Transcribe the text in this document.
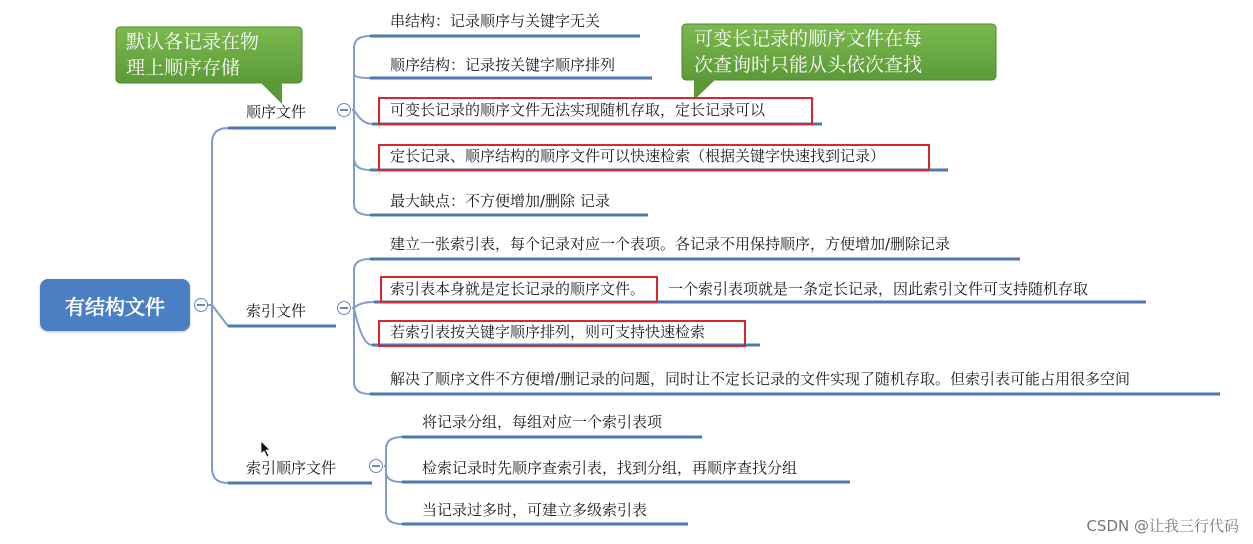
有结构文件
顺序文件
索引文件
索引顺序文件
串结构：记录顺序与关键字无关
顺序结构：记录按关键字顺序排列
可变长记录的顺序文件无法实现随机存取，定长记录可以
定长记录、顺序结构的顺序文件可以快速检索（根据关键字快速找到记录）
最大缺点：不方便增加/删除 记录
建立一张索引表，每个记录对应一个表项。各记录不用保持顺序，方便增加/删除记录
索引表本身就是定长记录的顺序文件。 一个索引表项就是一条定长记录，因此索引文件可支持随机存取
若索引表按关键字顺序排列，则可支持快速检索
解决了顺序文件不方便增/删记录的问题，同时让不定长记录的文件实现了随机存取。但索引表可能占用很多空间
将记录分组，每组对应一个索引表项
检索记录时先顺序查索引表，找到分组，再顺序查找分组
当记录过多时，可建立多级索引表
默认各记录在物
理上顺序存储
可变长记录的顺序文件在每
次查询时只能从头依次查找
CSDN @让我三行代码
